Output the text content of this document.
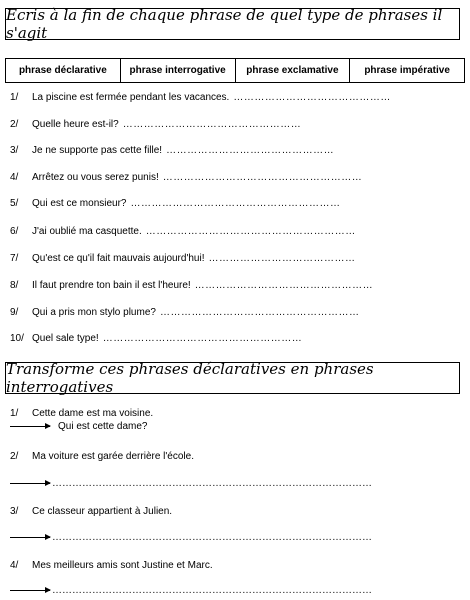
Ecris à la fin de chaque phrase de quel type de phrases il s'agit
phrase déclarative	phrase interrogative	phrase exclamative	phrase impérative
1/	La piscine est fermée pendant les vacances. ………………………………………
2/	Quelle heure est-il? ……………………………………………
3/	Je ne supporte pas cette fille! …………………………………………
4/	Arrêtez ou vous serez punis! …………………………………………………
5/	Qui est ce monsieur? ……………………………………………………
6/	J'ai oublié ma casquette. ……………………………………………………
7/	Qu'est ce qu'il fait mauvais aujourd'hui! ……………………………………
8/	Il faut prendre ton bain il est l'heure! ……………………………………………
9/	Qui a pris mon stylo plume? …………………………………………………
10/ Quel sale type! …………………………………………………
Transforme ces phrases déclaratives en phrases interrogatives
1/	Cette dame est ma voisine.
Qui est cette dame?
2/	Ma voiture est garée derrière l'école.
……………………………………………………………………………………
3/	Ce classeur appartient à Julien.
……………………………………………………………………………………
4/	Mes meilleurs amis sont Justine et Marc.
……………………………………………………………………………………
